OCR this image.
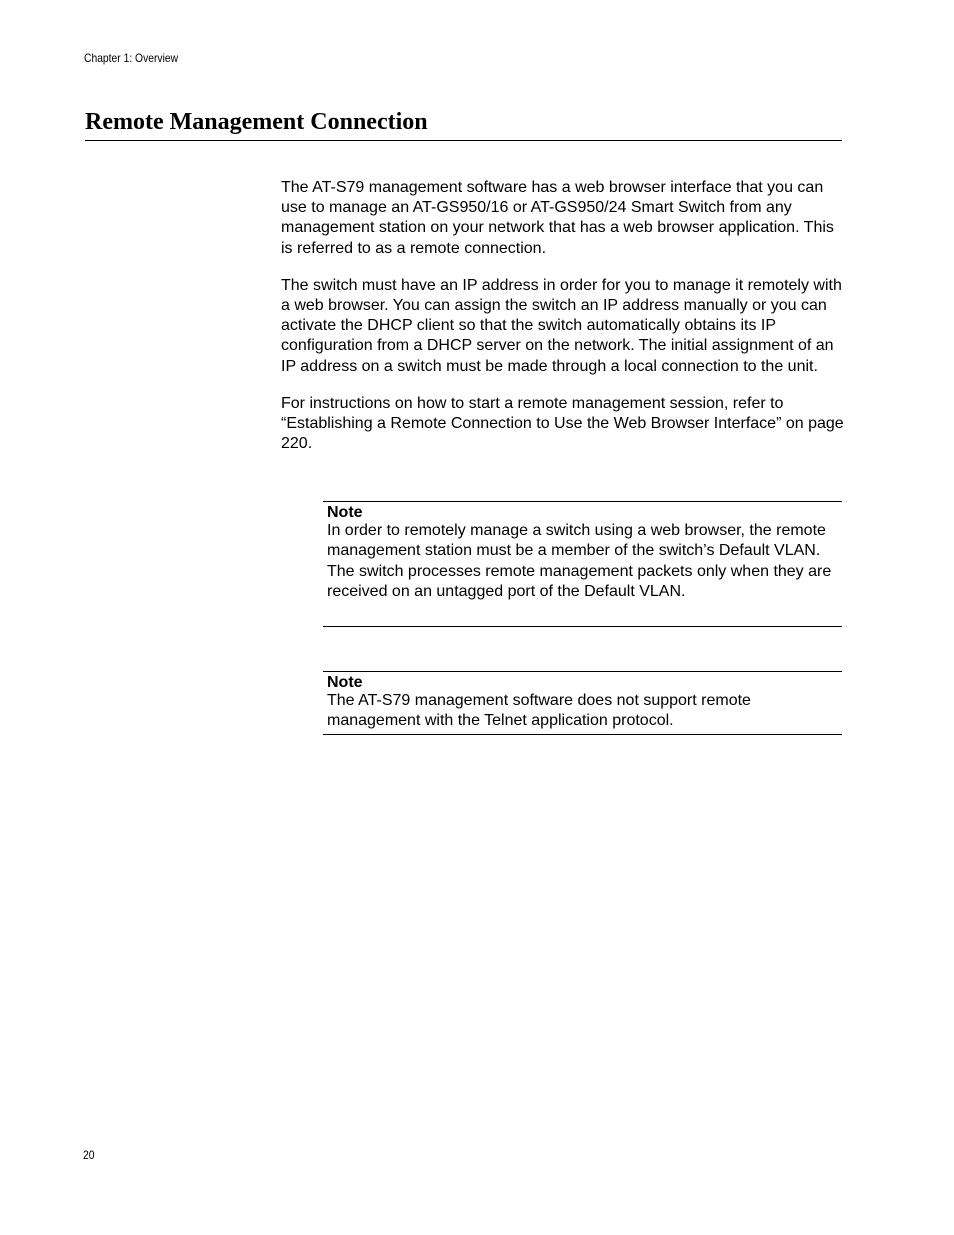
Chapter 1: Overview
Remote Management Connection

The AT-S79 management software has a web browser interface that you can use to manage an AT-GS950/16 or AT-GS950/24 Smart Switch from any management station on your network that has a web browser application. This is referred to as a remote connection.

The switch must have an IP address in order for you to manage it remotely with a web browser. You can assign the switch an IP address manually or you can activate the DHCP client so that the switch automatically obtains its IP configuration from a DHCP server on the network. The initial assignment of an IP address on a switch must be made through a local connection to the unit.

For instructions on how to start a remote management session, refer to “Establishing a Remote Connection to Use the Web Browser Interface” on page 220.

Note
In order to remotely manage a switch using a web browser, the remote management station must be a member of the switch’s Default VLAN. The switch processes remote management packets only when they are received on an untagged port of the Default VLAN.
Note
The AT-S79 management software does not support remote management with the Telnet application protocol.
20
